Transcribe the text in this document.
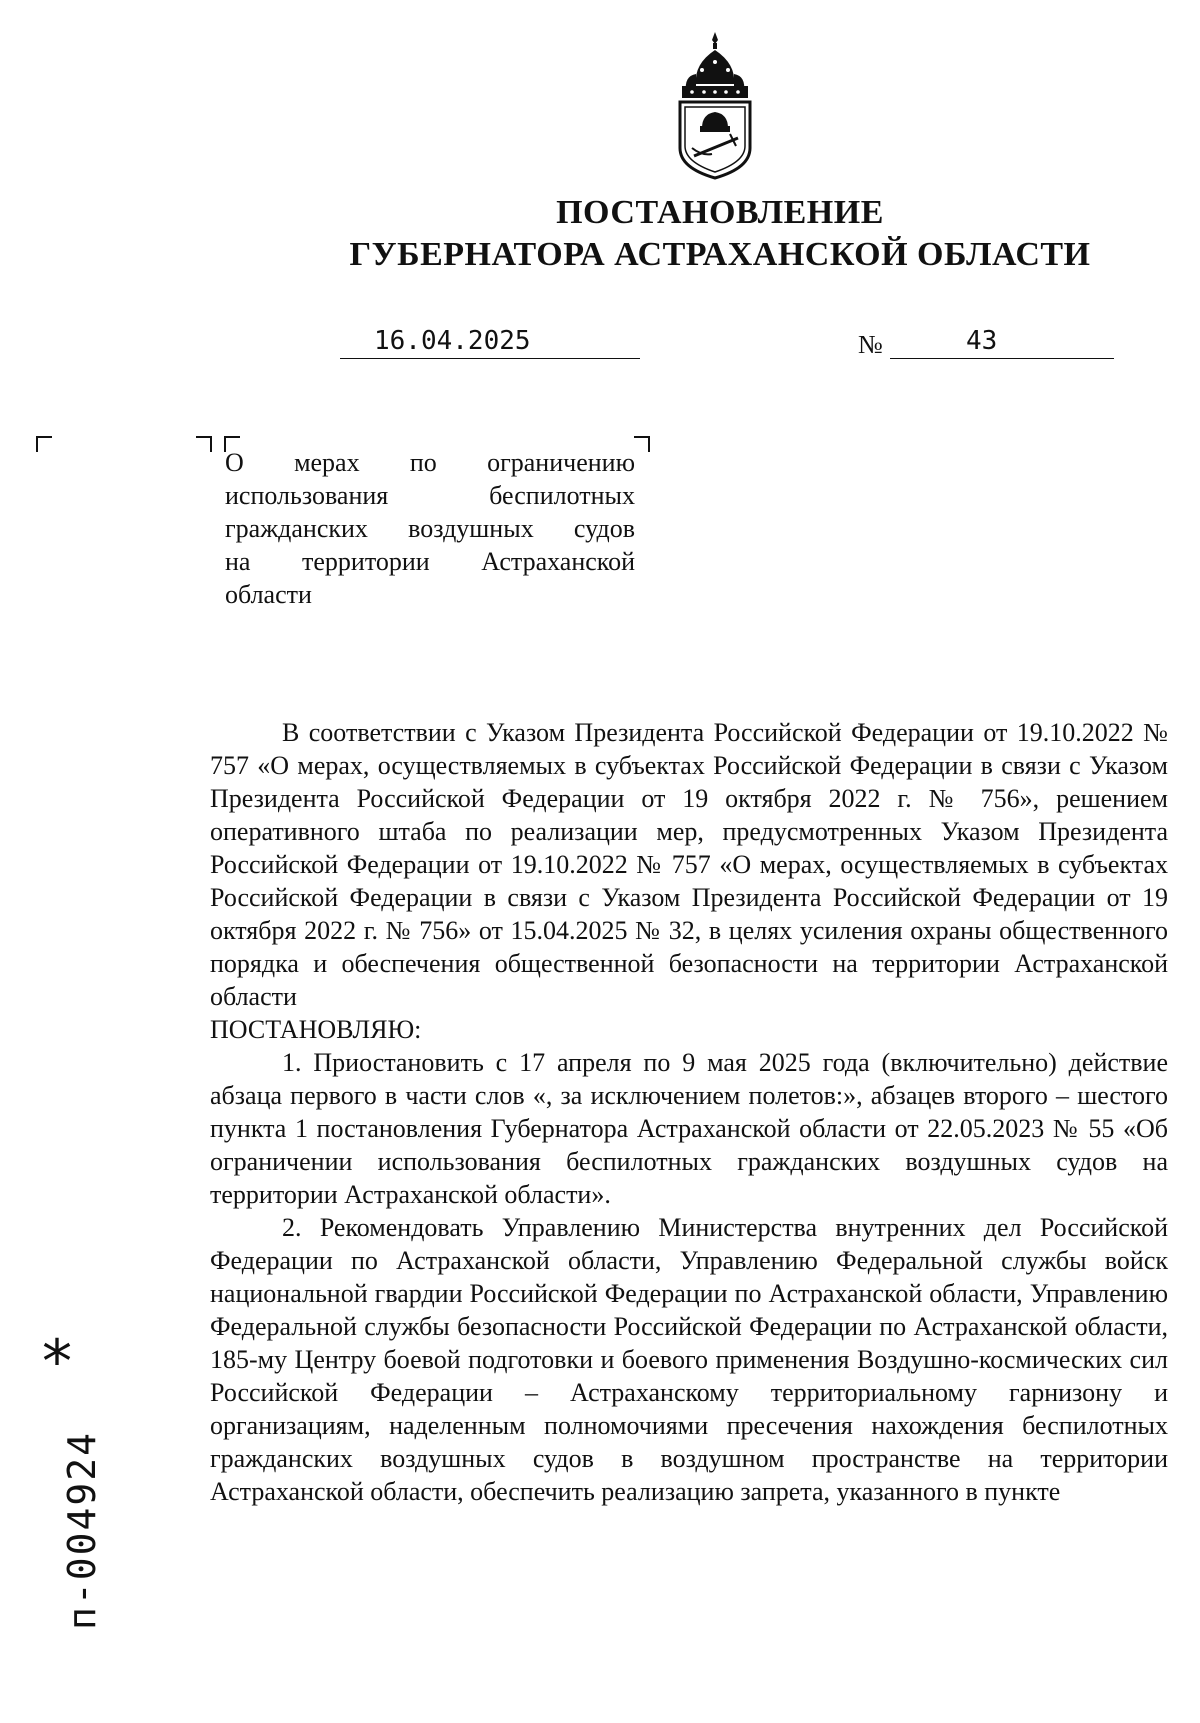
ПОСТАНОВЛЕНИЕ
ГУБЕРНАТОРА АСТРАХАНСКОЙ ОБЛАСТИ
16.04.2025	№	43
О мерах по ограничению
использования беспилотных
гражданских воздушных судов
на территории Астраханской
области

В соответствии с Указом Президента Российской Федерации от 19.10.2022 № 757 «О мерах, осуществляемых в субъектах Российской Федерации в связи с Указом Президента Российской Федерации от 19 октября 2022 г. № 756», решением оперативного штаба по реализации мер, предусмотренных Указом Президента Российской Федерации от 19.10.2022 № 757 «О мерах, осуществляемых в субъектах Российской Федерации в связи с Указом Президента Российской Федерации от 19 октября 2022 г. № 756» от 15.04.2025 № 32, в целях усиления охраны общественного порядка и обеспечения общественной безопасности на территории Астраханской области

ПОСТАНОВЛЯЮ:

1. Приостановить с 17 апреля по 9 мая 2025 года (включительно) действие абзаца первого в части слов «, за исключением полетов:», абзацев второго – шестого пункта 1 постановления Губернатора Астраханской области от 22.05.2023 № 55 «Об ограничении использования беспилотных гражданских воздушных судов на территории Астраханской области».

2. Рекомендовать Управлению Министерства внутренних дел Российской Федерации по Астраханской области, Управлению Федеральной службы войск национальной гвардии Российской Федерации по Астраханской области, Управлению Федеральной службы безопасности Российской Федерации по Астраханской области, 185-му Центру боевой подготовки и боевого применения Воздушно-космических сил Российской Федерации – Астраханскому территориальному гарнизону и организациям, наделенным полномочиями пресечения нахождения беспилотных гражданских воздушных судов в воздушном пространстве на территории Астраханской области, обеспечить реализацию запрета, указанного в пункте

*
п-004924
